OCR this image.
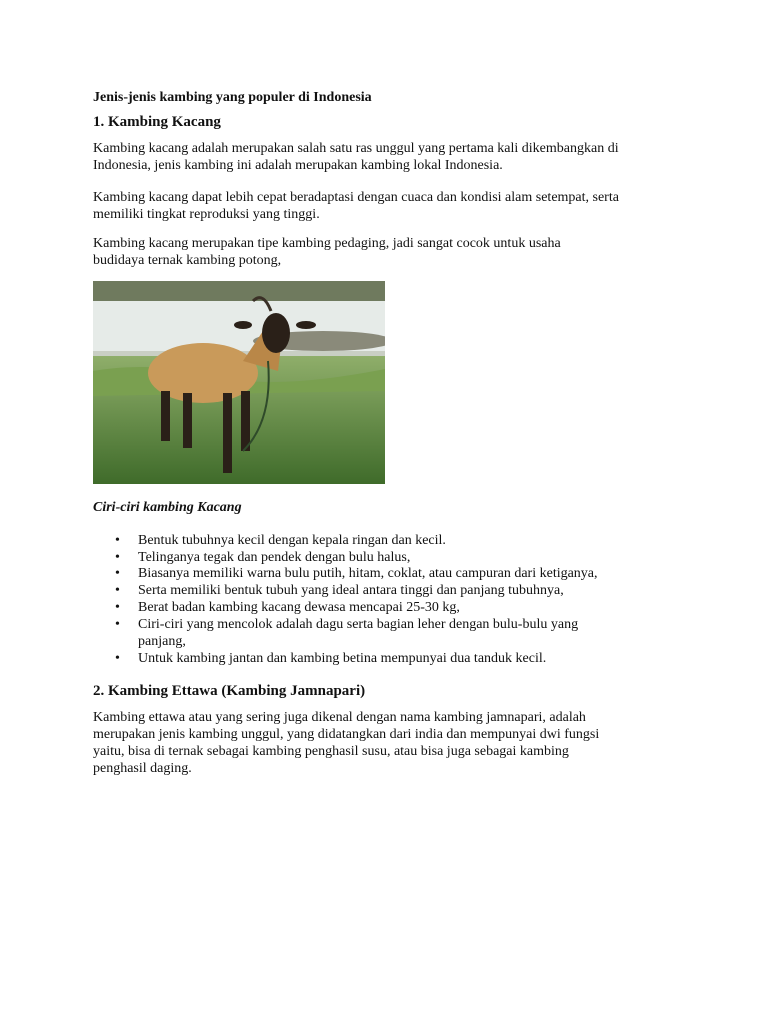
Jenis-jenis kambing yang populer di Indonesia
1. Kambing Kacang
Kambing kacang adalah merupakan salah satu ras unggul yang pertama kali dikembangkan di
Indonesia, jenis kambing ini adalah merupakan kambing lokal Indonesia.
Kambing kacang dapat lebih cepat beradaptasi dengan cuaca dan kondisi alam setempat, serta
memiliki tingkat reproduksi yang tinggi.
Kambing kacang merupakan tipe kambing pedaging, jadi sangat cocok untuk usaha
budidaya ternak kambing potong,
Ciri-ciri kambing Kacang
• Bentuk tubuhnya kecil dengan kepala ringan dan kecil.
• Telinganya tegak dan pendek dengan bulu halus,
• Biasanya memiliki warna bulu putih, hitam, coklat, atau campuran dari ketiganya,
• Serta memiliki bentuk tubuh yang ideal antara tinggi dan panjang tubuhnya,
• Berat badan kambing kacang dewasa mencapai 25-30 kg,
• Ciri-ciri yang mencolok adalah dagu serta bagian leher dengan bulu-bulu yang
panjang,
• Untuk kambing jantan dan kambing betina mempunyai dua tanduk kecil.
2. Kambing Ettawa (Kambing Jamnapari)
Kambing ettawa atau yang sering juga dikenal dengan nama kambing jamnapari, adalah
merupakan jenis kambing unggul, yang didatangkan dari india dan mempunyai dwi fungsi
yaitu, bisa di ternak sebagai kambing penghasil susu, atau bisa juga sebagai kambing
penghasil daging.
